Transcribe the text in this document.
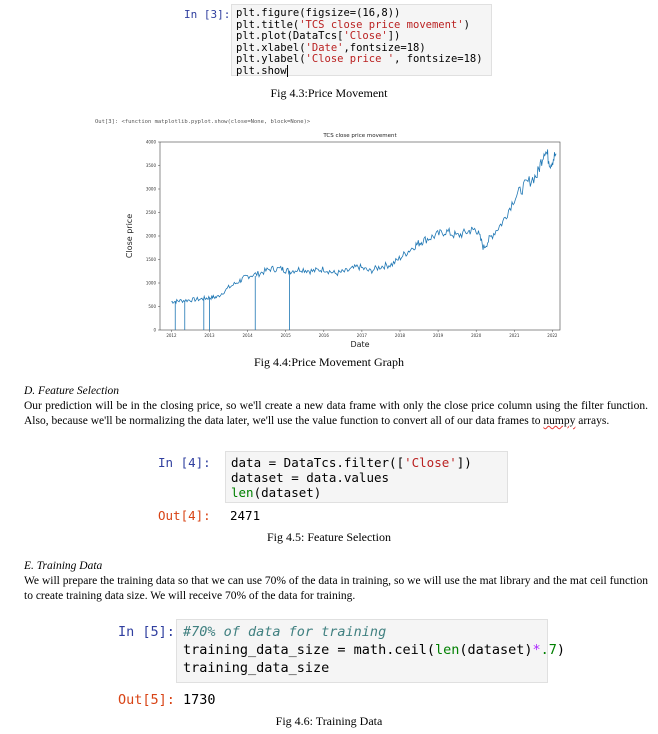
In [3]: plt.figure(figsize=(16,8))
plt.title('TCS close price movement')
plt.plot(DataTcs['Close'])
plt.xlabel('Date',fontsize=18)
plt.ylabel('Close price ', fontsize=18)
plt.show
Fig 4.3:Price Movement
Out[3]: <function matplotlib.pyplot.show(close=None, block=None)>
TCS close price movement
0
500
1000
1500
2000
2500
3000
3500
4000
2012	2013	2014	2015	2016	2017	2018	2019	2020	2021	2022
Date
Close price
Fig 4.4:Price Movement Graph
D. Feature Selection
Our prediction will be in the closing price, so we'll create a new data frame with only the close price column using the filter function. Also, because we'll be normalizing the data later, we'll use the value function to convert all of our data frames to numpy arrays.
In [4]: data = DataTcs.filter(['Close'])
dataset = data.values
len(dataset)
Out[4]: 2471
Fig 4.5: Feature Selection
E. Training Data
We will prepare the training data so that we can use 70% of the data in training, so we will use the mat library and the mat ceil function to create training data size. We will receive 70% of the data for training.
In [5]: #70% of data for training
training_data_size = math.ceil(len(dataset)*.7)
training_data_size
Out[5]: 1730
Fig 4.6: Training Data
